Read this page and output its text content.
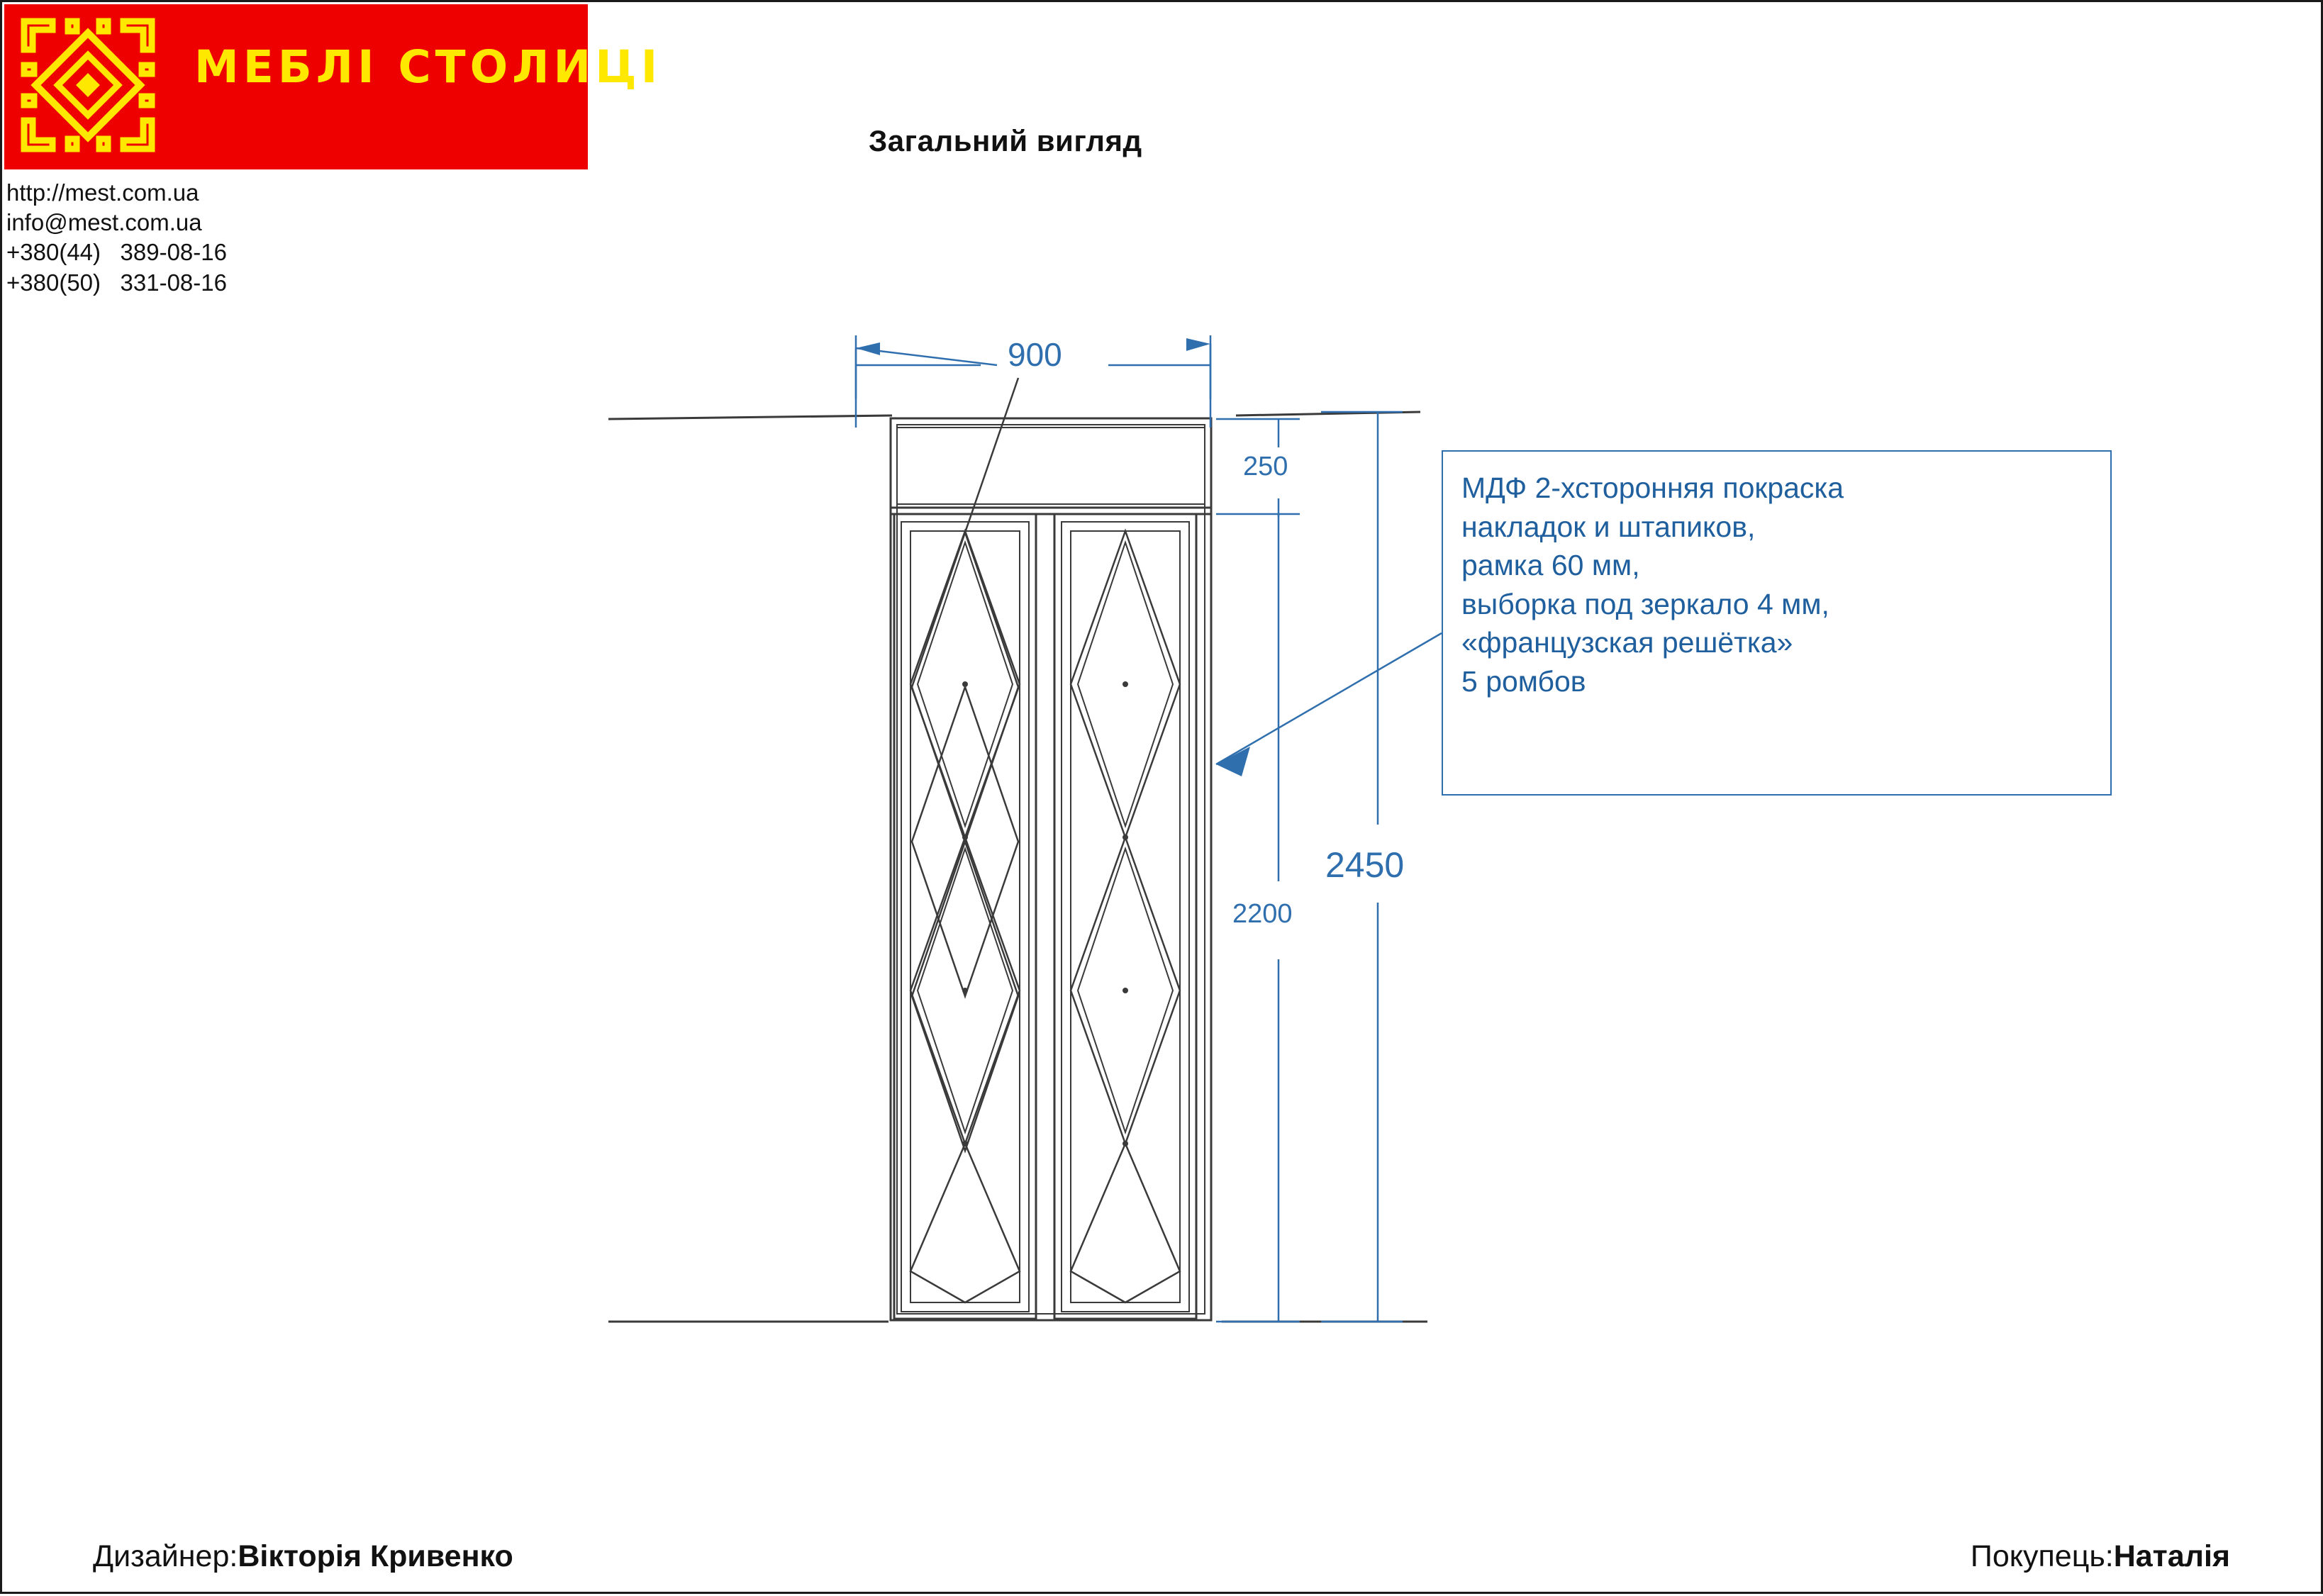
МЕБЛІ СТОЛИЦІ
http://mest.com.ua
info@mest.com.ua
+380(44)   389-08-16
+380(50)   331-08-16
Загальний вигляд
900
250
2200
2450

МДФ 2-хсторонняя покраска

накладок и штапиков,

рамка 60 мм,

выборка под зеркало 4 мм,

«французская решётка»

5 ромбов

Дизайнер:Вікторія Кривенко	Покупець:Наталія
